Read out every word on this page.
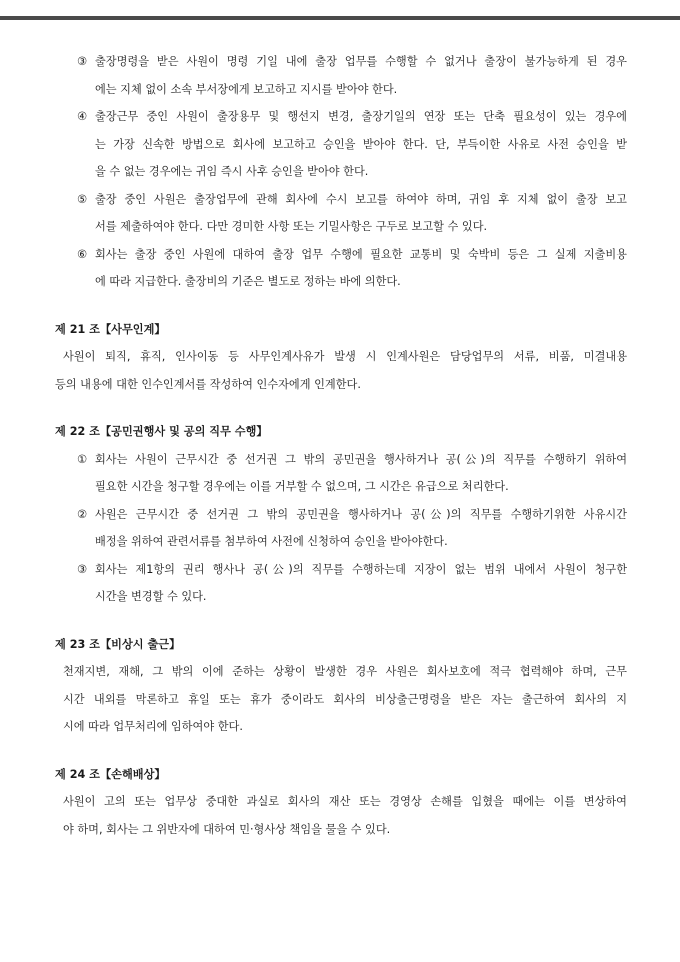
③ 출장명령을 받은 사원이 명령 기일 내에 출장 업무를 수행할 수 없거나 출장이 불가능하게 된 경우
에는 지체 없이 소속 부서장에게 보고하고 지시를 받아야 한다.
④ 출장근무 중인 사원이 출장용무 및 행선지 변경, 출장기일의 연장 또는 단축 필요성이 있는 경우에
는 가장 신속한 방법으로 회사에 보고하고 승인을 받아야 한다. 단, 부득이한 사유로 사전 승인을 받
을 수 없는 경우에는 귀임 즉시 사후 승인을 받아야 한다.
⑤ 출장 중인 사원은 출장업무에 관해 회사에 수시 보고를 하여야 하며, 귀임 후 지체 없이 출장 보고
서를 제출하여야 한다. 다만 경미한 사항 또는 기밀사항은 구두로 보고할 수 있다.
⑥ 회사는 출장 중인 사원에 대하여 출장 업무 수행에 필요한 교통비 및 숙박비 등은 그 실제 지출비용
에 따라 지급한다. 출장비의 기준은 별도로 정하는 바에 의한다.
제 21 조【사무인계】
사원이 퇴직, 휴직, 인사이동 등 사무인계사유가 발생 시 인계사원은 담당업무의 서류, 비품, 미결내용
등의 내용에 대한 인수인계서를 작성하여 인수자에게 인계한다.
제 22 조【공민권행사 및 공의 직무 수행】
① 회사는 사원이 근무시간 중 선거권 그 밖의 공민권을 행사하거나 공(公)의 직무를 수행하기 위하여
필요한 시간을 청구할 경우에는 이를 거부할 수 없으며, 그 시간은 유급으로 처리한다.
② 사원은 근무시간 중 선거권 그 밖의 공민권을 행사하거나 공(公)의 직무를 수행하기위한 사유시간
배정을 위하여 관련서류를 첨부하여 사전에 신청하여 승인을 받아야한다.
③ 회사는 제1항의 권리 행사나 공(公)의 직무를 수행하는데 지장이 없는 범위 내에서 사원이 청구한
시간을 변경할 수 있다.
제 23 조【비상시 출근】
천재지변, 재해, 그 밖의 이에 준하는 상황이 발생한 경우 사원은 회사보호에 적극 협력해야 하며, 근무
시간 내외를 막론하고 휴일 또는 휴가 중이라도 회사의 비상출근명령을 받은 자는 출근하여 회사의 지
시에 따라 업무처리에 임하여야 한다.
제 24 조【손해배상】
사원이 고의 또는 업무상 중대한 과실로 회사의 재산 또는 경영상 손해를 입혔을 때에는 이를 변상하여
야 하며, 회사는 그 위반자에 대하여 민·형사상 책임을 물을 수 있다.
